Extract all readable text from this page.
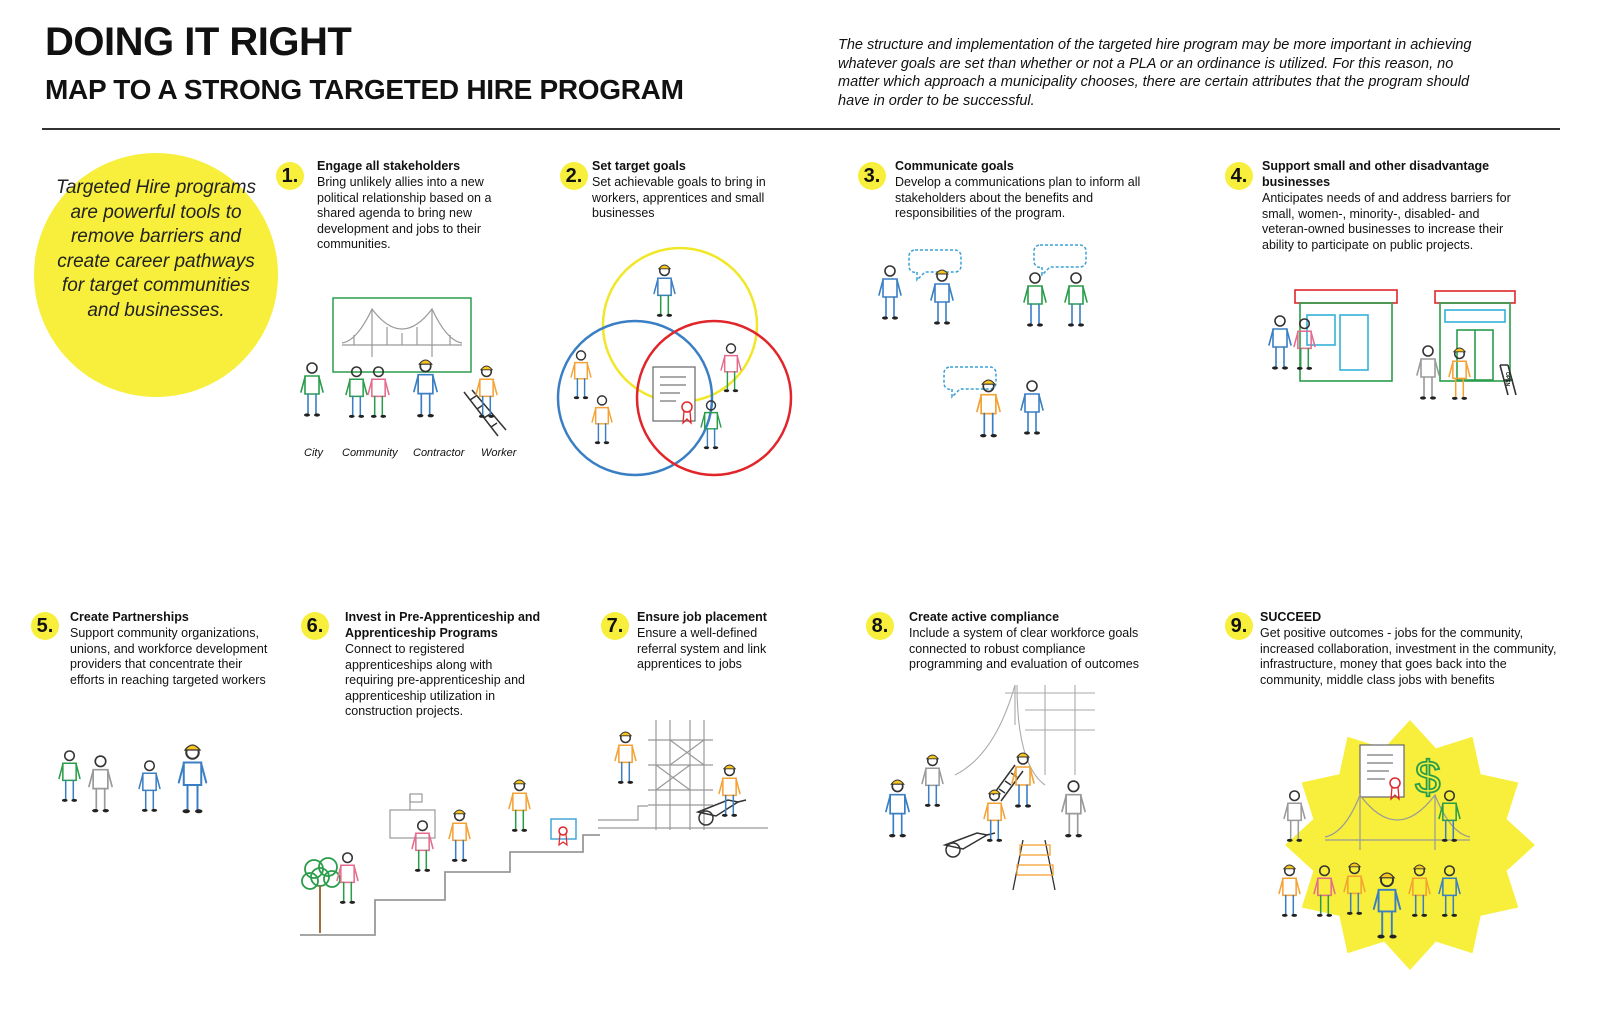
DOING IT RIGHT
MAP TO A STRONG TARGETED HIRE PROGRAM
The structure and implementation of the targeted hire program may be more important in achieving whatever goals are set than whether or not a PLA or an ordinance is utilized. For this reason, no matter which approach a municipality chooses, there are certain attributes that the program should have in order to be successful.
Targeted Hire programs are powerful tools to remove barriers and create career pathways for target communities and businesses.
1.	Engage all stakeholders
Bring unlikely allies into a new political relationship based on a shared agenda to bring new development and jobs to their communities.
2. Set target goals
Set achievable goals to bring in workers, apprentices and small businesses
3.	Communicate goals
Develop a communications plan to inform all stakeholders about the benefits and responsibilities of the program.
4.	Support small and other disadvantage businesses
Anticipates needs of and address barriers for small, women-, minority-, disabled- and veteran-owned businesses to increase their ability to participate on public projects.
5.	Create Partnerships
Support community organizations, unions, and workforce development providers that concentrate their efforts in reaching targeted workers
6.	Invest in Pre-Apprenticeship and Apprenticeship Programs
Connect to registered apprenticeships along with requiring pre-apprenticeship and apprenticeship utilization in construction projects.
7.	Ensure job placement
Ensure a well-defined referral system and link apprentices to jobs
8.	Create active compliance
Include a system of clear workforce goals connected to robust compliance programming and evaluation of outcomes
9.	SUCCEED
Get positive outcomes - jobs for the community, increased collaboration, investment in the community, infrastructure, money that goes back into the community, middle class jobs with benefits
City Community Contractor Worker
OPEN
$
